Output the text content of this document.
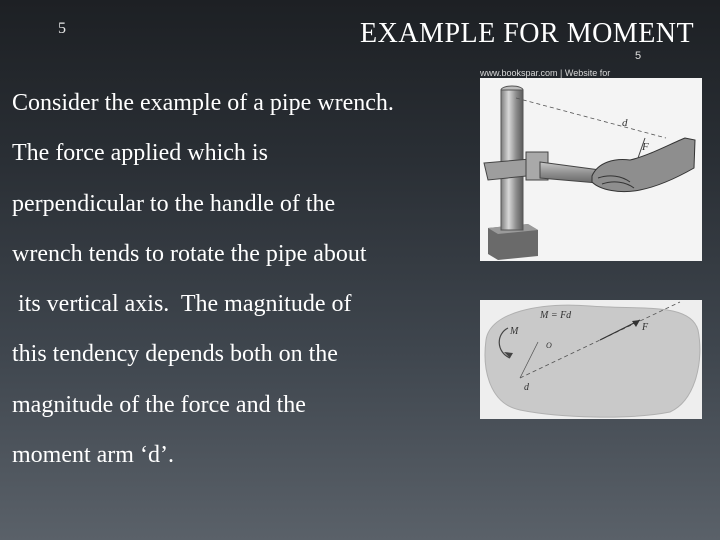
5	EXAMPLE FOR MOMENT
5
www.bookspar.com | Website for
Consider the example of a pipe wrench.
The force applied which is
perpendicular to the handle of the
wrench tends to rotate the pipe about
its vertical axis.  The magnitude of
this tendency depends both on the
magnitude of the force and the
moment arm ‘d’.
d
F
M
M = Fd
d
O
F
